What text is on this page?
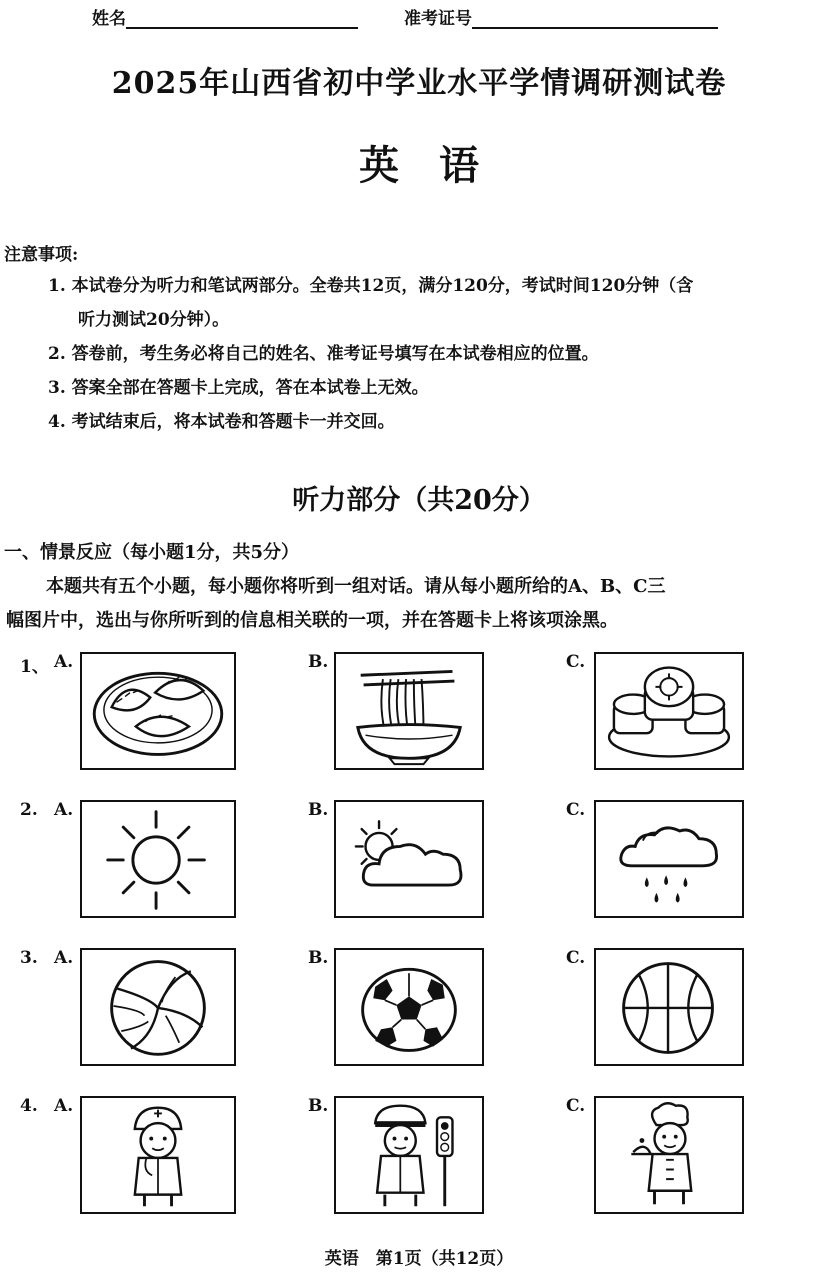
姓名	准考证号
2025年山西省初中学业水平学情调研测试卷
英　语
注意事项:
1. 本试卷分为听力和笔试两部分。全卷共12页，满分120分，考试时间120分钟（含
听力测试20分钟）。
2. 答卷前，考生务必将自己的姓名、准考证号填写在本试卷相应的位置。
3. 答案全部在答题卡上完成，答在本试卷上无效。
4. 考试结束后，将本试卷和答题卡一并交回。
听力部分（共20分）
一、情景反应（每小题1分，共5分）
本题共有五个小题，每小题你将听到一组对话。请从每小题所给的A、B、C三
幅图片中，选出与你所听到的信息相关联的一项，并在答题卡上将该项涂黑。
1、 A.	B.	C.
2. A.	B.	C.
3. A.	B.	C.
4. A.	B.	C.
英语　第1页（共12页）
